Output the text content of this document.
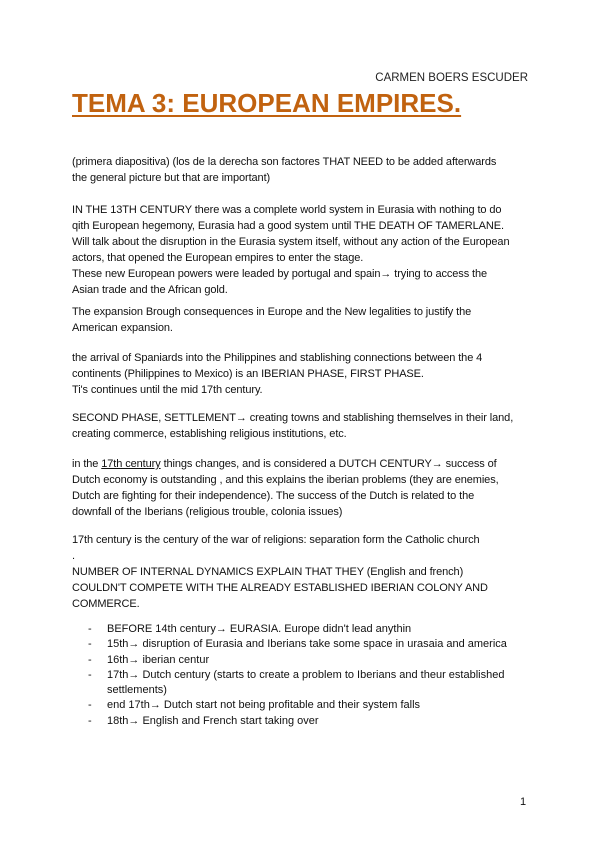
CARMEN BOERS ESCUDER
TEMA 3: EUROPEAN EMPIRES.
(primera diapositiva) (los de la derecha son factores THAT NEED to be added afterwards
the general picture but that are important)
IN THE 13TH CENTURY there was a complete world system in Eurasia with nothing to do
qith European hegemony, Eurasia had a good system until THE DEATH OF TAMERLANE.
Will talk about the disruption in the Eurasia system itself, without any action of the European
actors, that opened the European empires to enter the stage.
These new European powers were leaded by portugal and spain→ trying to access the
Asian trade and the African gold.
The expansion Brough consequences in Europe and the New legalities to justify the
American expansion.
the arrival of Spaniards into the Philippines and stablishing connections between the 4
continents (Philippines to Mexico) is an IBERIAN PHASE, FIRST PHASE.
Ti's continues until the mid 17th century.
SECOND PHASE, SETTLEMENT→ creating towns and stablishing themselves in their land,
creating commerce, establishing religious institutions, etc.
in the 17th century things changes, and is considered a DUTCH CENTURY→ success of
Dutch economy is outstanding , and this explains the iberian problems (they are enemies,
Dutch are fighting for their independence). The success of the Dutch is related to the
downfall of the Iberians (religious trouble, colonia issues)
17th century is the century of the war of religions: separation form the Catholic church
.
NUMBER OF INTERNAL DYNAMICS EXPLAIN THAT THEY (English and french)
COULDN'T COMPETE WITH THE ALREADY ESTABLISHED IBERIAN COLONY AND
COMMERCE.
- BEFORE 14th century→ EURASIA. Europe didn't lead anythin
- 15th→ disruption of Eurasia and Iberians take some space in urasaia and america
- 16th→ iberian centur
- 17th→ Dutch century (starts to create a problem to Iberians and theur established
settlements)
- end 17th→ Dutch start not being profitable and their system falls
- 18th→ English and French start taking over
1
